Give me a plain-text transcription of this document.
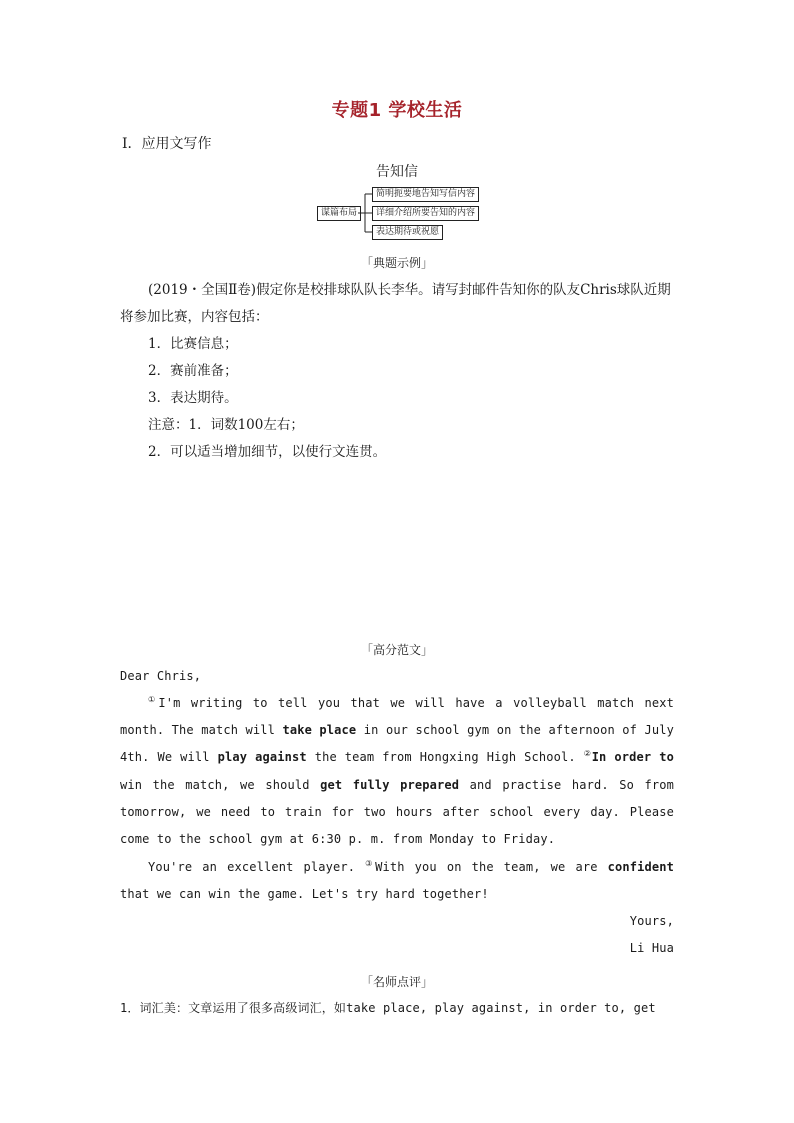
专题1 学校生活
Ⅰ．应用文写作
告知信
谋篇布局
简明扼要地告知写信内容
详细介绍所要告知的内容
表达期待或祝愿
「典题示例」
(2019・全国Ⅱ卷)假定你是校排球队队长李华。请写封邮件告知你的队友Chris球队近期将参加比赛，内容包括：
1．比赛信息；
2．赛前准备；
3．表达期待。
注意：1．词数100左右；
2．可以适当增加细节，以使行文连贯。
「高分范文」
Dear Chris,
①I'm writing to tell you that we will have a volleyball match next month. The match will take place in our school gym on the afternoon of July 4th. We will play against the team from Hongxing High School. ②In order to win the match, we should get fully prepared and practise hard. So from tomorrow, we need to train for two hours after school every day. Please come to the school gym at 6:30 p. m. from Monday to Friday.
You're an excellent player. ③With you on the team, we are confident that we can win the game. Let's try hard together!
Yours,
Li Hua
「名师点评」
1．词汇美：文章运用了很多高级词汇，如take place, play against, in order to, get
